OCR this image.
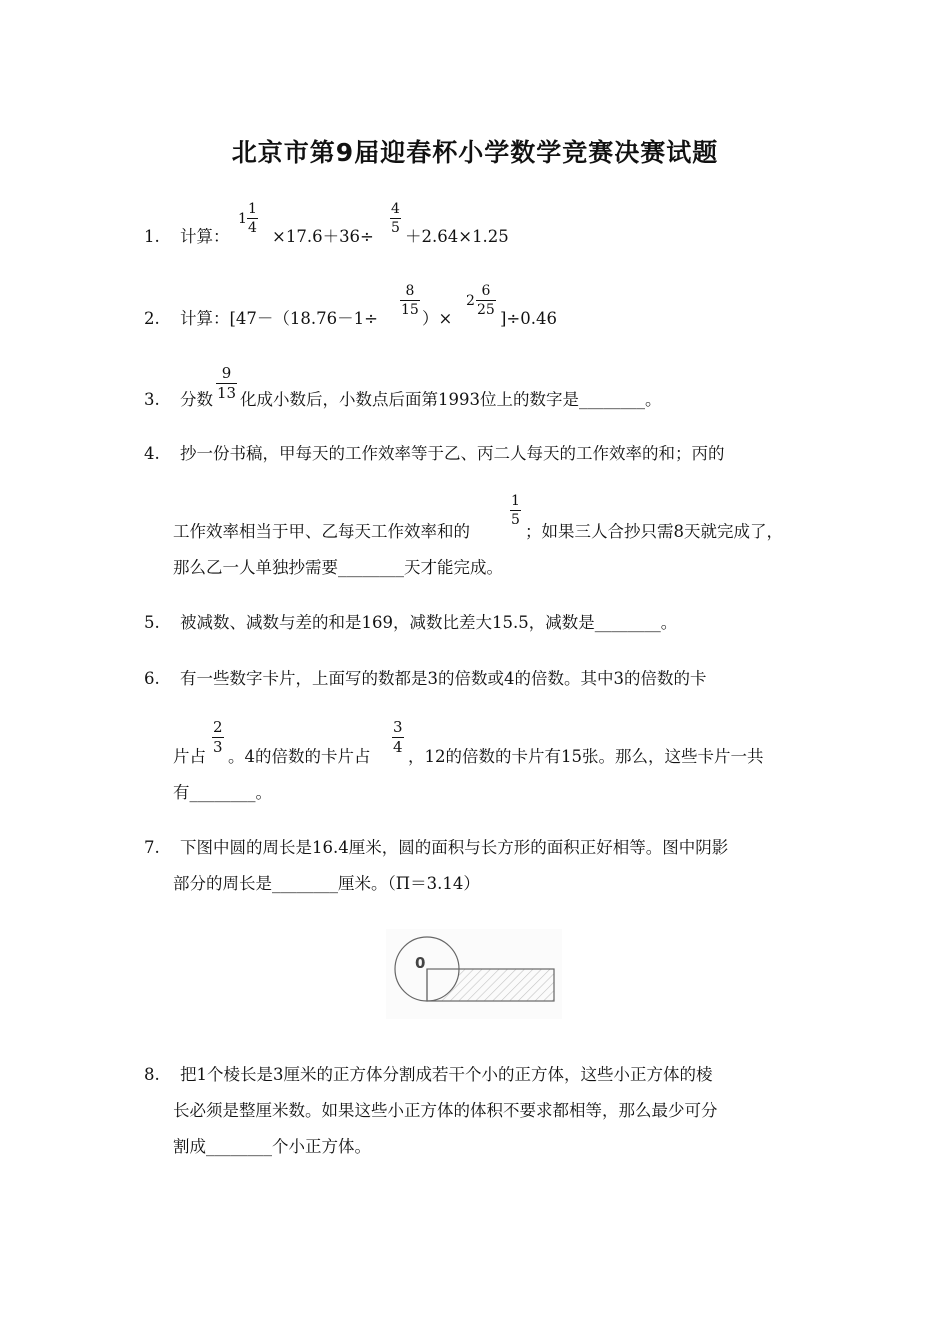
北京市第9届迎春杯小学数学竞赛决赛试题
1. 计算：
$1 \frac{1}{4}$
×17.6＋36÷
$\frac{4}{5}$
＋2.64×1.25
2. 计算：[47－（18.76－1÷
$\frac{8}{15}$
）×
$2 \frac{6}{25}$
]÷0.46
3. 分数 $\frac{9}{13}$ 化成小数后，小数点后面第1993位上的数字是________。
4. 抄一份书稿，甲每天的工作效率等于乙、丙二人每天的工作效率的和；丙的
工作效率相当于甲、乙每天工作效率和的
$\frac{1}{5}$
；如果三人合抄只需8天就完成了，
那么乙一人单独抄需要________天才能完成。
5. 被减数、减数与差的和是169，减数比差大15.5，减数是________。
6. 有一些数字卡片，上面写的数都是3的倍数或4的倍数。其中3的倍数的卡
片占
$\frac{2}{3}$
。4的倍数的卡片占
$\frac{3}{4}$
，12的倍数的卡片有15张。那么，这些卡片一共
有________。
7. 下图中圆的周长是16.4厘米，圆的面积与长方形的面积正好相等。图中阴影
部分的周长是________厘米。（Π＝3.14）
0
8. 把1个棱长是3厘米的正方体分割成若干个小的正方体，这些小正方体的棱
长必须是整厘米数。如果这些小正方体的体积不要求都相等，那么最少可分
割成________个小正方体。
